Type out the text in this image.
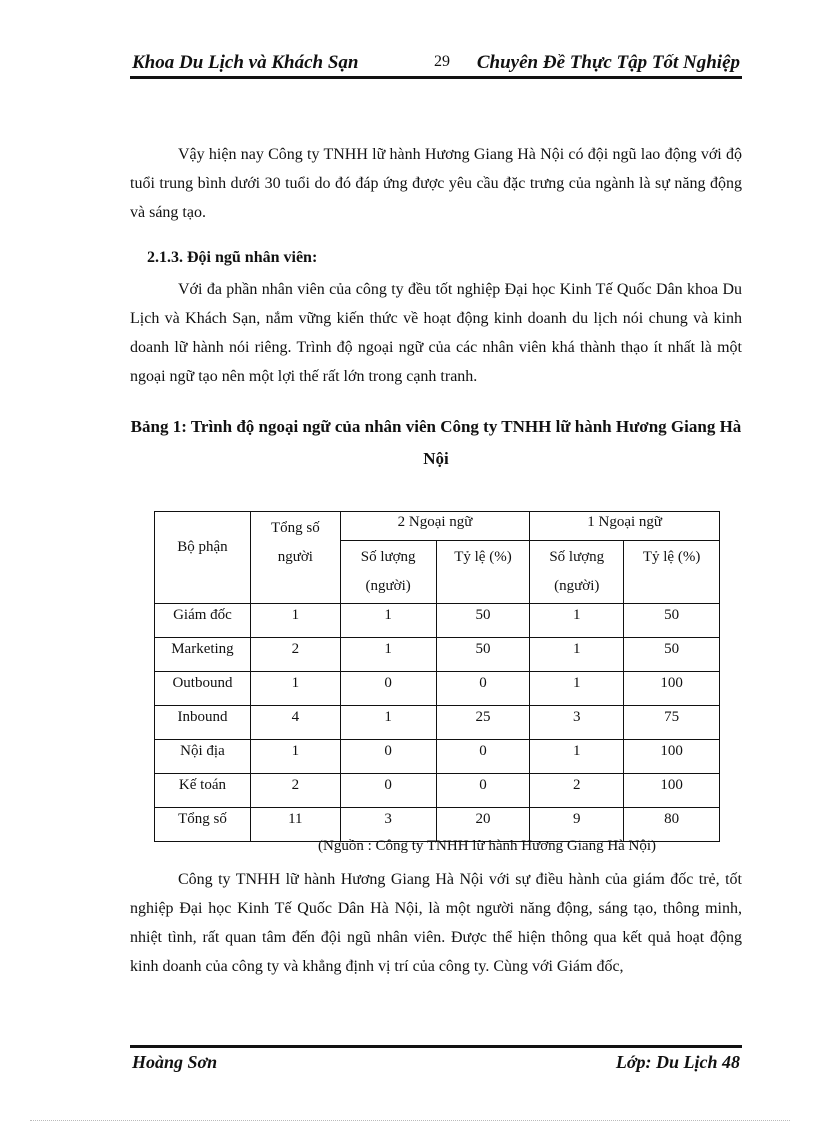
Khoa Du Lịch và Khách Sạn	29 Chuyên Đề Thực Tập Tốt Nghiệp
Vậy hiện nay Công ty TNHH lữ hành Hương Giang Hà Nội có đội ngũ lao động với độ tuổi trung bình dưới 30 tuổi do đó đáp ứng được yêu cầu đặc trưng của ngành là sự năng động và sáng tạo.
2.1.3. Đội ngũ nhân viên:
Với đa phần nhân viên của công ty đều tốt nghiệp Đại học Kinh Tế Quốc Dân khoa Du Lịch và Khách Sạn, nắm vững kiến thức về hoạt động kinh doanh du lịch nói chung và kinh doanh lữ hành nói riêng. Trình độ ngoại ngữ của các nhân viên khá thành thạo ít nhất là một ngoại ngữ tạo nên một lợi thế rất lớn trong cạnh tranh.
Bảng 1: Trình độ ngoại ngữ của nhân viên Công ty TNHH lữ hành Hương Giang Hà Nội
Bộ phận	Tổng số người	2 Ngoại ngữ		1 Ngoại ngữ	
		Số lượng (người)	Tỷ lệ (%)	Số lượng (người)	Tỷ lệ (%)
Giám đốc	1	1	50	1	50
Marketing	2	1	50	1	50
Outbound	1	0	0	1	100
Inbound	4	1	25	3	75
Nội địa	1	0	0	1	100
Kế toán	2	0	0	2	100
Tổng số	11	3	20	9	80
(Nguồn : Công ty TNHH lữ hành Hương Giang Hà Nội)
Công ty TNHH lữ hành Hương Giang Hà Nội với sự điều hành của giám đốc trẻ, tốt nghiệp Đại học Kinh Tế Quốc Dân Hà Nội, là một người năng động, sáng tạo, thông minh, nhiệt tình, rất quan tâm đến đội ngũ nhân viên. Được thể hiện thông qua kết quả hoạt động kinh doanh của công ty và khẳng định vị trí của công ty. Cùng với Giám đốc,
Hoàng Sơn	Lớp: Du Lịch 48
